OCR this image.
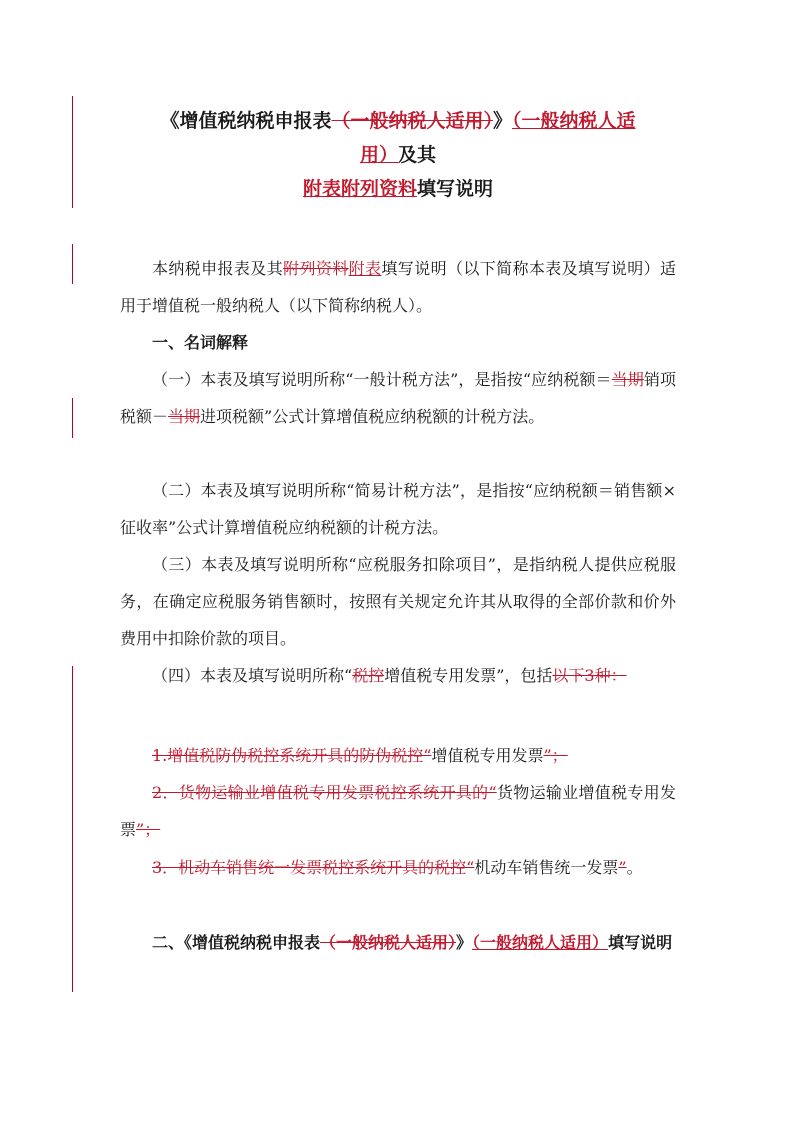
《增值税纳税申报表（一般纳税人适用）》（一般纳税人适
用）及其
附表附列资料填写说明
本纳税申报表及其附列资料附表填写说明（以下简称本表及填写说明）适用于增值税一般纳税人（以下简称纳税人）。
一、名词解释
（一）本表及填写说明所称“一般计税方法”，是指按“应纳税额＝当期销项税额－当期进项税额”公式计算增值税应纳税额的计税方法。
（二）本表及填写说明所称“简易计税方法”，是指按“应纳税额＝销售额×征收率”公式计算增值税应纳税额的计税方法。
（三）本表及填写说明所称“应税服务扣除项目”，是指纳税人提供应税服务，在确定应税服务销售额时，按照有关规定允许其从取得的全部价款和价外费用中扣除价款的项目。
（四）本表及填写说明所称“税控增值税专用发票”，包括以下3种：
1.增值税防伪税控系统开具的防伪税控“增值税专用发票”；
2．货物运输业增值税专用发票税控系统开具的“货物运输业增值税专用发票”；
3．机动车销售统一发票税控系统开具的税控“机动车销售统一发票”。
二、《增值税纳税申报表（一般纳税人适用）》（一般纳税人适用）填写说明
